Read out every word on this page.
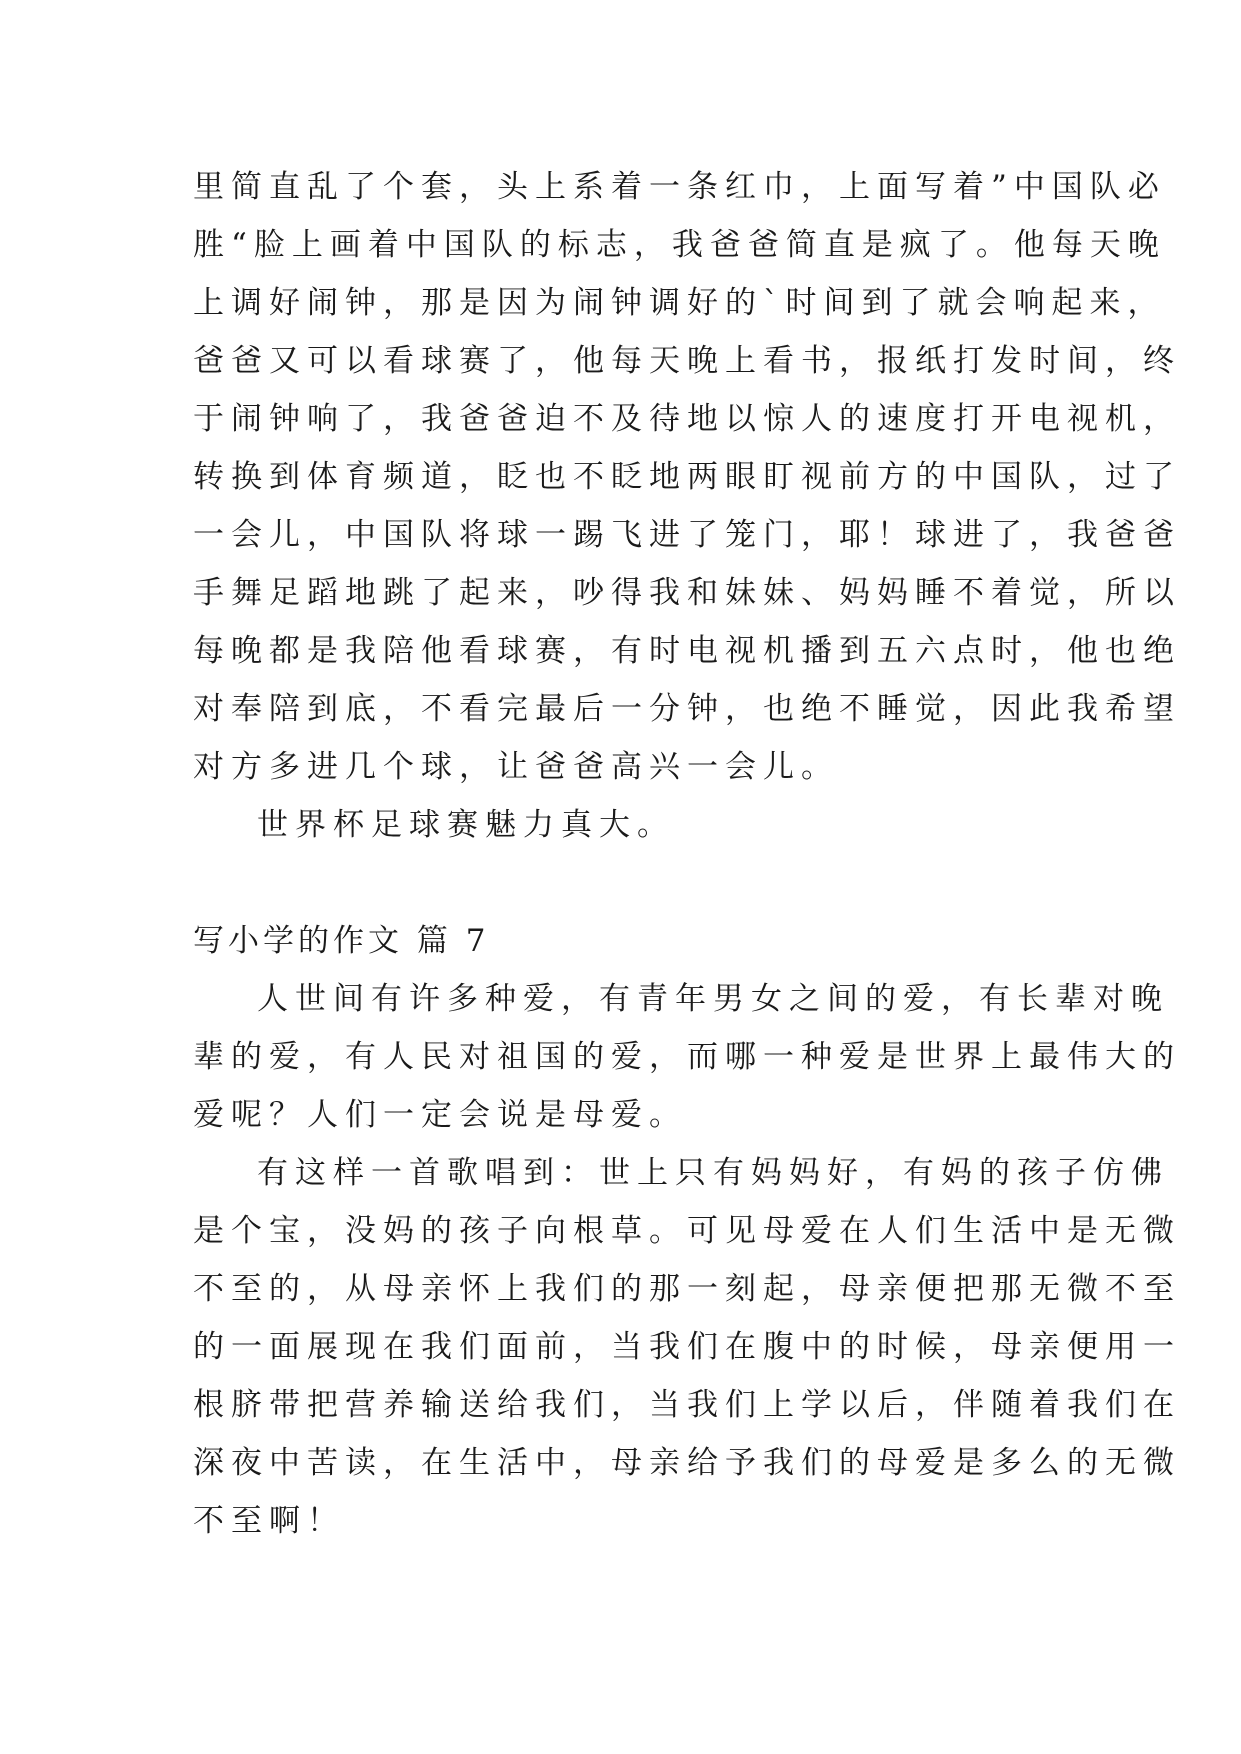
里简直乱了个套，头上系着一条红巾，上面写着”中国队必
胜“脸上画着中国队的标志，我爸爸简直是疯了。他每天晚
上调好闹钟，那是因为闹钟调好的`时间到了就会响起来，
爸爸又可以看球赛了，他每天晚上看书，报纸打发时间，终
于闹钟响了，我爸爸迫不及待地以惊人的速度打开电视机，
转换到体育频道，眨也不眨地两眼盯视前方的中国队，过了
一会儿，中国队将球一踢飞进了笼门，耶！球进了，我爸爸
手舞足蹈地跳了起来，吵得我和妹妹、妈妈睡不着觉，所以
每晚都是我陪他看球赛，有时电视机播到五六点时，他也绝
对奉陪到底，不看完最后一分钟，也绝不睡觉，因此我希望
对方多进几个球，让爸爸高兴一会儿。
世界杯足球赛魅力真大。
写小学的作文 篇 7
人世间有许多种爱，有青年男女之间的爱，有长辈对晚
辈的爱，有人民对祖国的爱，而哪一种爱是世界上最伟大的
爱呢？人们一定会说是母爱。
有这样一首歌唱到：世上只有妈妈好，有妈的孩子仿佛
是个宝，没妈的孩子向根草。可见母爱在人们生活中是无微
不至的，从母亲怀上我们的那一刻起，母亲便把那无微不至
的一面展现在我们面前，当我们在腹中的时候，母亲便用一
根脐带把营养输送给我们，当我们上学以后，伴随着我们在
深夜中苦读，在生活中，母亲给予我们的母爱是多么的无微
不至啊！
